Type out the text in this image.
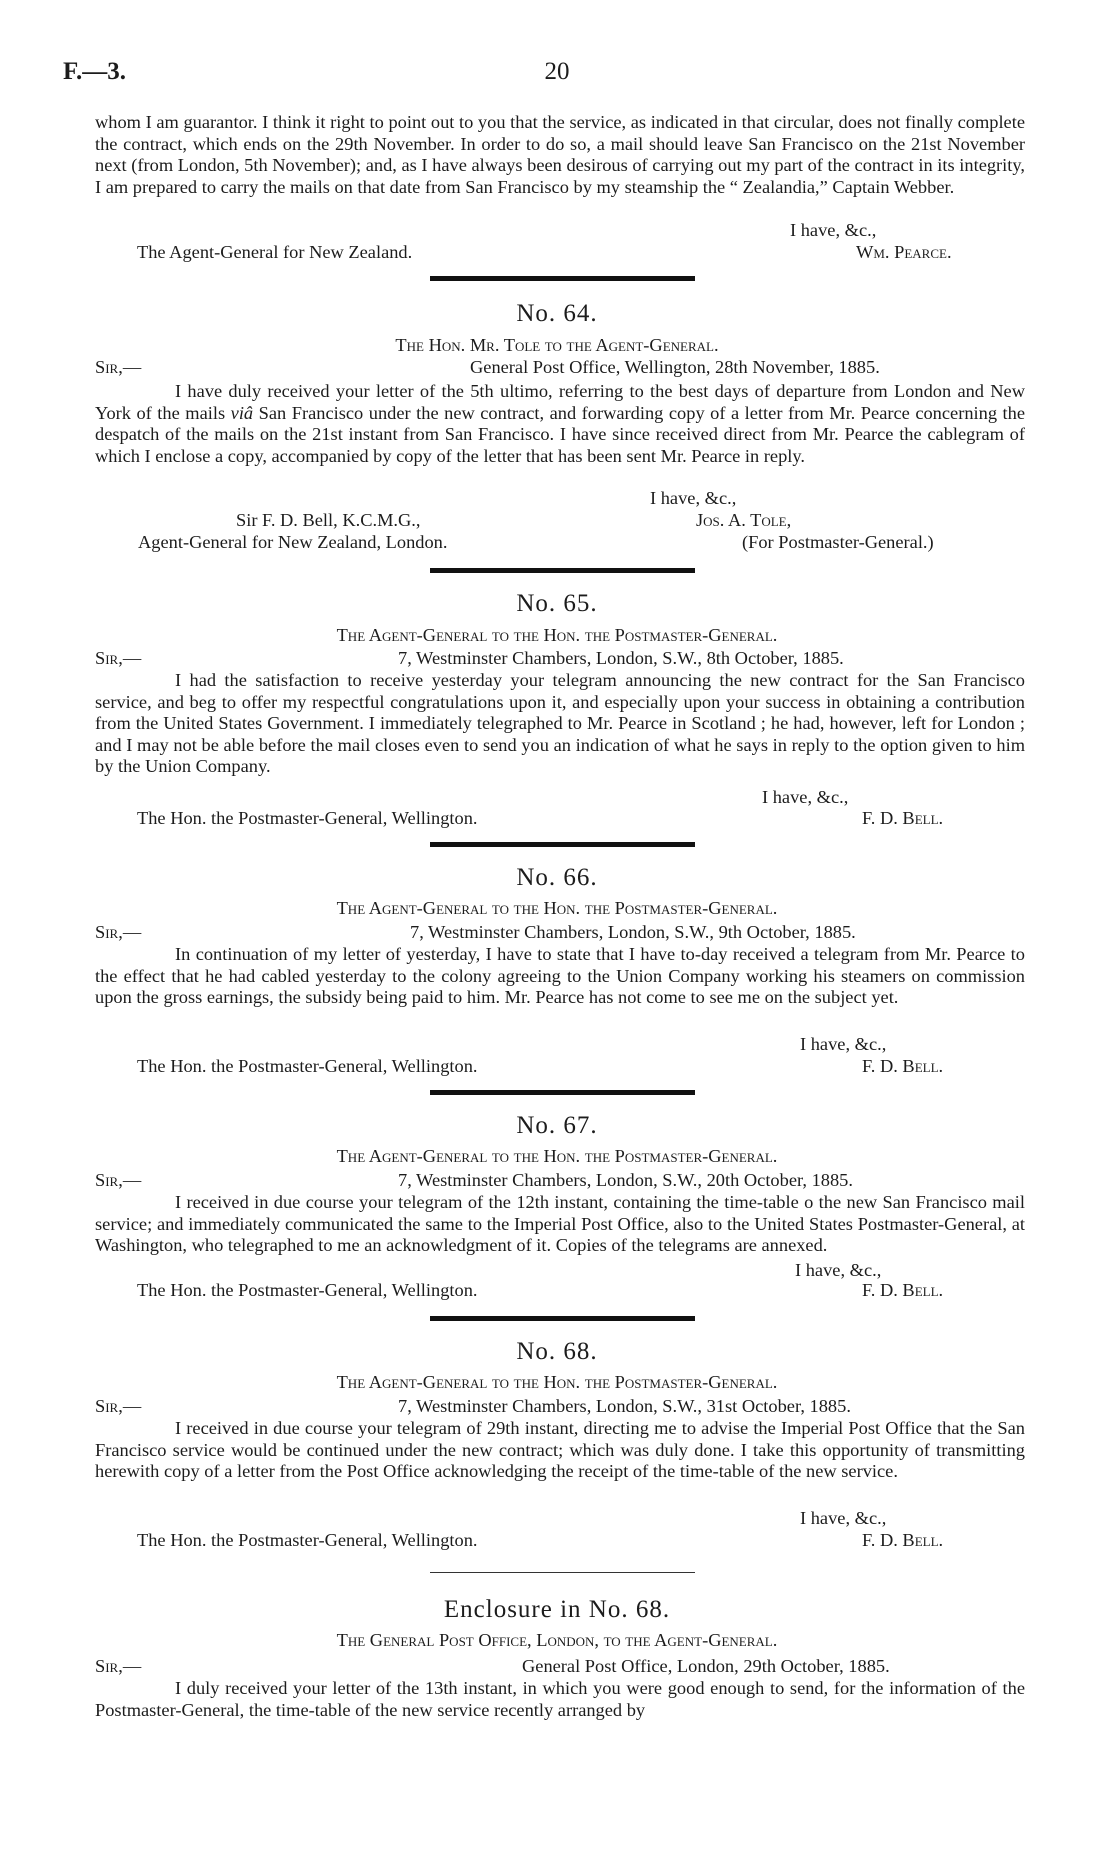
F.—3.	20

whom I am guarantor. I think it right to point out to you that the service, as indicated in that circular, does not finally complete the contract, which ends on the 29th November. In order to do so, a mail should leave San Francisco on the 21st November next (from London, 5th November); and, as I have always been desirous of carrying out my part of the contract in its integrity, I am prepared to carry the mails on that date from San Francisco by my steamship the “ Zealandia,” Captain Webber.

I have, &c.,
The Agent-General for New Zealand.	Wm. Pearce.
No. 64.
The Hon. Mr. Tole to the Agent-General.
Sir,—	General Post Office, Wellington, 28th November, 1885.

I have duly received your letter of the 5th ultimo, referring to the best days of departure from London and New York of the mails viâ San Francisco under the new contract, and forwarding copy of a letter from Mr. Pearce concerning the despatch of the mails on the 21st instant from San Francisco. I have since received direct from Mr. Pearce the cablegram of which I enclose a copy, accompanied by copy of the letter that has been sent Mr. Pearce in reply.

I have, &c.,
Sir F. D. Bell, K.C.M.G.,
Agent-General for New Zealand, London.
Jos. A. Tole,
(For Postmaster-General.)
No. 65.
The Agent-General to the Hon. the Postmaster-General.
Sir,—	7, Westminster Chambers, London, S.W., 8th October, 1885.

I had the satisfaction to receive yesterday your telegram announcing the new contract for the San Francisco service, and beg to offer my respectful congratulations upon it, and especially upon your success in obtaining a contribution from the United States Government. I immediately telegraphed to Mr. Pearce in Scotland ; he had, however, left for London ; and I may not be able before the mail closes even to send you an indication of what he says in reply to the option given to him by the Union Company.

I have, &c.,
The Hon. the Postmaster-General, Wellington.	F. D. Bell.
No. 66.
The Agent-General to the Hon. the Postmaster-General.
Sir,—	7, Westminster Chambers, London, S.W., 9th October, 1885.

In continuation of my letter of yesterday, I have to state that I have to-day received a telegram from Mr. Pearce to the effect that he had cabled yesterday to the colony agreeing to the Union Company working his steamers on commission upon the gross earnings, the subsidy being paid to him. Mr. Pearce has not come to see me on the subject yet.

I have, &c.,
The Hon. the Postmaster-General, Wellington.	F. D. Bell.
No. 67.
The Agent-General to the Hon. the Postmaster-General.
Sir,—	7, Westminster Chambers, London, S.W., 20th October, 1885.

I received in due course your telegram of the 12th instant, containing the time-table o the new San Francisco mail service; and immediately communicated the same to the Imperial Post Office, also to the United States Postmaster-General, at Washington, who telegraphed to me an acknowledgment of it. Copies of the telegrams are annexed.

I have, &c.,
The Hon. the Postmaster-General, Wellington.	F. D. Bell.
No. 68.
The Agent-General to the Hon. the Postmaster-General.
Sir,—	7, Westminster Chambers, London, S.W., 31st October, 1885.

I received in due course your telegram of 29th instant, directing me to advise the Imperial Post Office that the San Francisco service would be continued under the new contract; which was duly done. I take this opportunity of transmitting herewith copy of a letter from the Post Office acknowledging the receipt of the time-table of the new service.

I have, &c.,
The Hon. the Postmaster-General, Wellington.	F. D. Bell.
Enclosure in No. 68.
The General Post Office, London, to the Agent-General.
Sir,—	General Post Office, London, 29th October, 1885.

I duly received your letter of the 13th instant, in which you were good enough to send, for the information of the Postmaster-General, the time-table of the new service recently arranged by
